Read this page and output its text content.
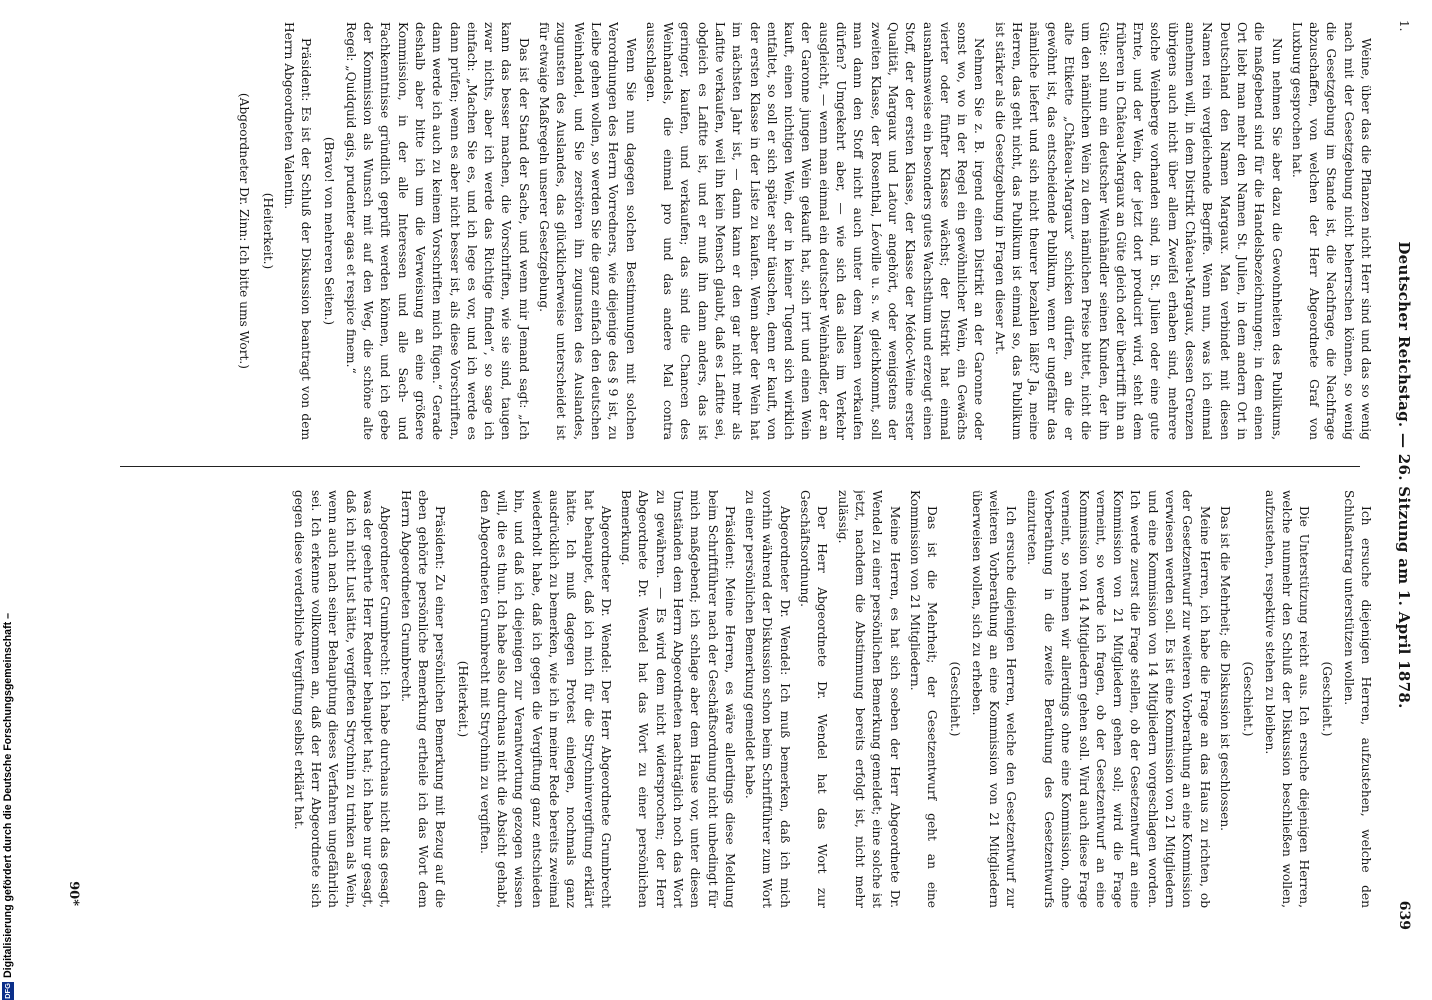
1.
Deutscher Reichstag. — 26. Sitzung am 1. April 1878.
639

Weine, über das die Pflanzen nicht Herr sind und das so wenig nach mit der Gesetzgebung nicht beherrschen können, so wenig die Gesetzgebung im Stande ist, die Nachfrage, die Nachfrage abzuschaffen, von welchen der Herr Abgeordnete Graf von Luxburg gesprochen hat.

Nun nehmen Sie aber dazu die Gewohnheiten des Publikums, die maßgebend sind für die Handelsbezeichnungen; in dem einen Ort liebt man mehr den Namen St. Julien, in dem andern Ort in Deutschland den Namen Margaux. Man verbindet mit diesen Namen rein vergleichende Begriffe. Wenn nun, was ich einmal annehmen will, in dem Distrikt Château-Margaux, dessen Grenzen übrigens auch nicht über allem Zweifel erhaben sind, mehrere solche Weinberge vorhanden sind, in St. Julien oder eine gute Ernte, und der Wein, der jetzt dort producirt wird, steht dem früheren in Château-Margaux an Güte gleich oder übertrifft ihn an Güte: soll nun ein deutscher Weinhändler seinen Kunden, der ihn um den nämlichen Wein zu dem nämlichen Preise bittet, nicht die alte Etikette „Château-Margaux“ schicken dürfen, an die er gewöhnt ist, das entscheidende Publikum, wenn er ungefähr das nämliche liefert und sich nicht theurer bezahlen läßt? Ja, meine Herren, das geht nicht, das Publikum ist einmal so, das Publikum ist stärker als die Gesetzgebung in Fragen dieser Art.

Nehmen Sie z. B. irgend einen Distrikt an der Garonne oder sonst wo, wo in der Regel ein gewöhnlicher Wein, ein Gewächs vierter oder fünfter Klasse wächst; der Distrikt hat einmal ausnahmsweise ein besonders gutes Wachsthum und erzeugt einen Stoff, der der ersten Klasse, der Klasse der Médoc-Weine erster Qualität, Margaux und Latour angehört, oder wenigstens der zweiten Klasse, der Rosenthal, Léoville u. s. w. gleichkommt, soll man dann den Stoff nicht auch unter dem Namen verkaufen dürfen? Umgekehrt aber, — wie sich das alles im Verkehr ausgleicht, — wenn man einmal ein deutscher Weinhändler, der an der Garonne jungen Wein gekauft hat, sich irrt und einen Wein kauft, einen nichtigen Wein, der in keiner Tugend sich wirklich entfaltet, so soll er sich später sehr täuschen, denn er kauft, von der ersten Klasse in der Liste zu kaufen. Wenn aber der Wein hat im nächsten Jahr ist, — dann kann er den gar nicht mehr als Lafitte verkaufen, weil ihn kein Mensch glaubt, daß es Lafitte sei, obgleich es Lafitte ist, und er muß ihn dann anders, das ist geringer, kaufen, und verkaufen; das sind die Chancen des Weinhandels, die einmal pro und das andere Mal contra ausschlagen.

Wenn Sie nun dagegen solchen Bestimmungen mit solchen Verordnungen des Herrn Vorredners, wie diejenige des § 9 ist, zu Leibe gehen wollen, so werden Sie die ganz einfach den deutschen Weinhandel, und Sie zerstören ihn zugunsten des Auslandes, zugunsten des Auslandes, das glücklicherweise unterscheidet ist für etwaige Maßregeln unserer Gesetzgebung.

Das ist der Stand der Sache, und wenn mir Jemand sagt: „Ich kann das besser machen, die Vorschriften, wie sie sind, taugen zwar nichts, aber ich werde das Richtige finden“, so sage ich einfach: „Machen Sie es, und ich lege es vor, und ich werde es dann prüfen; wenn es aber nicht besser ist, als diese Vorschriften, dann werde ich auch zu keinem Vorschriften mich fügen.“ Gerade deshalb aber bitte ich um die Verweisung an eine größere Kommission, in der alle Interessen und alle Sach- und Fachkenntnisse gründlich geprüft werden können, und ich gebe der Kommission als Wunsch mit auf den Weg, die schöne alte Regel: „Quidquid agis, prudenter agas et respice finem.“

(Bravo! von mehreren Seiten.)

Präsident: Es ist der Schluß der Diskussion beantragt von dem Herrn Abgeordneten Valentin.

(Heiterkeit.)

(Abgeordneter Dr. Zinn: Ich bitte ums Wort.)

Ich ersuche diejenigen Herren, aufzustehen, welche den Schlußantrag unterstützen wollen.

(Geschieht.)

Die Unterstützung reicht aus. Ich ersuche diejenigen Herren, welche nunmehr den Schluß der Diskussion beschließen wollen, aufzustehen, respektive stehen zu bleiben.

(Geschieht.)

Das ist die Mehrheit; die Diskussion ist geschlossen.

Meine Herren, ich habe die Frage an das Haus zu richten, ob der Gesetzentwurf zur weiteren Vorberathung an eine Kommission verwiesen werden soll. Es ist eine Kommission von 21 Mitgliedern und eine Kommission von 14 Mitgliedern vorgeschlagen worden. Ich werde zuerst die Frage stellen, ob der Gesetzentwurf an eine Kommission von 21 Mitgliedern gehen soll; wird die Frage verneint, so werde ich fragen, ob der Gesetzentwurf an eine Kommission von 14 Mitgliedern gehen soll. Wird auch diese Frage verneint, so nehmen wir allerdings ohne eine Kommission, ohne Vorberathung in die zweite Berathung des Gesetzentwurfs einzutreten.

Ich ersuche diejenigen Herren, welche den Gesetzentwurf zur weiteren Vorberathung an eine Kommission von 21 Mitgliedern überweisen wollen, sich zu erheben.

(Geschieht.)

Das ist die Mehrheit; der Gesetzentwurf geht an eine Kommission von 21 Mitgliedern.

Meine Herren, es hat sich soeben der Herr Abgeordnete Dr. Wendel zu einer persönlichen Bemerkung gemeldet; eine solche ist jetzt, nachdem die Abstimmung bereits erfolgt ist, nicht mehr zulässig.

Der Herr Abgeordnete Dr. Wendel hat das Wort zur Geschäftsordnung.

Abgeordneter Dr. Wendel: Ich muß bemerken, daß ich mich vorhin während der Diskussion schon beim Schriftführer zum Wort zu einer persönlichen Bemerkung gemeldet habe.

Präsident: Meine Herren, es wäre allerdings diese Meldung beim Schriftführer nach der Geschäftsordnung nicht unbedingt für mich maßgebend; ich schlage aber dem Hause vor, unter diesen Umständen dem Herrn Abgeordneten nachträglich noch das Wort zu gewähren. — Es wird dem nicht widersprochen; der Herr Abgeordnete Dr. Wendel hat das Wort zu einer persönlichen Bemerkung.

Abgeordneter Dr. Wendel: Der Herr Abgeordnete Grumbrecht hat behauptet, daß ich mich für die Strychninvergiftung erklärt hätte. Ich muß dagegen Protest einlegen, nochmals ganz ausdrücklich zu bemerken, wie ich in meiner Rede bereits zweimal wiederholt habe, daß ich gegen die Vergiftung ganz entschieden bin, und daß ich diejenigen zur Verantwortung gezogen wissen will, die es thun. Ich habe also durchaus nicht die Absicht gehabt, den Abgeordneten Grumbrecht mit Strychnin zu vergiften.

(Heiterkeit.)

Präsident: Zu einer persönlichen Bemerkung mit Bezug auf die eben gehörte persönliche Bemerkung ertheile ich das Wort dem Herrn Abgeordneten Grumbrecht.

Abgeordneter Grumbrecht: Ich habe durchaus nicht das gesagt, was der geehrte Herr Redner behauptet hat; ich habe nur gesagt, daß ich nicht Lust hätte, vergifteten Strychnin zu trinken als Wein, wenn auch nach seiner Behauptung dieses Verfahren ungefährlich sei. Ich erkenne vollkommen an, daß der Herr Abgeordnete sich gegen diese verderbliche Vergiftung selbst erklärt hat.

90*
DFG
Digitalisierung gefördert durch die Deutsche Forschungsgemeinschaft –
